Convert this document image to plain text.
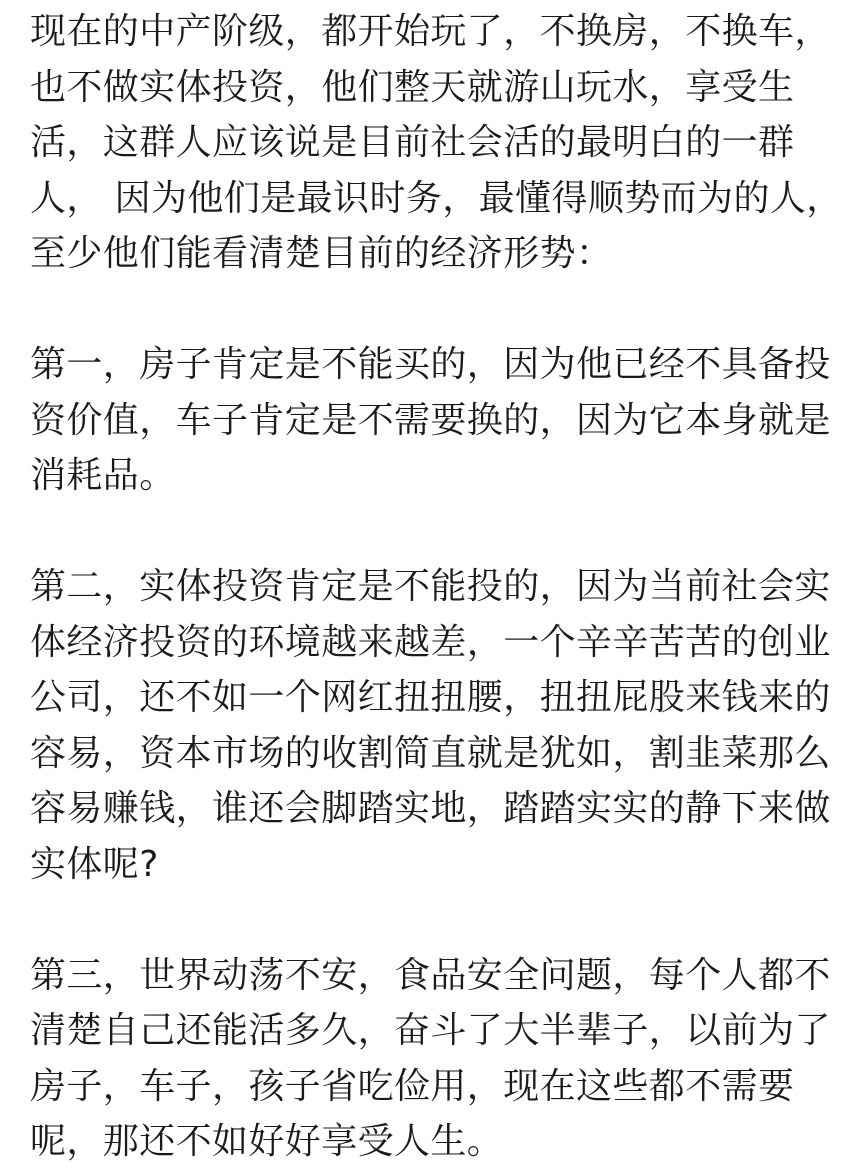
现在的中产阶级，都开始玩了，不换房，不换车，
也不做实体投资，他们整天就游山玩水，享受生
活，这群人应该说是目前社会活的最明白的一群
人， 因为他们是最识时务，最懂得顺势而为的人，
至少他们能看清楚目前的经济形势：

第一，房子肯定是不能买的，因为他已经不具备投
资价值，车子肯定是不需要换的，因为它本身就是
消耗品。

第二，实体投资肯定是不能投的，因为当前社会实
体经济投资的环境越来越差，一个辛辛苦苦的创业
公司，还不如一个网红扭扭腰，扭扭屁股来钱来的
容易，资本市场的收割简直就是犹如，割韭菜那么
容易赚钱，谁还会脚踏实地，踏踏实实的静下来做
实体呢?

第三，世界动荡不安，食品安全问题，每个人都不
清楚自己还能活多久，奋斗了大半辈子，以前为了
房子，车子，孩子省吃俭用，现在这些都不需要
呢，那还不如好好享受人生。
